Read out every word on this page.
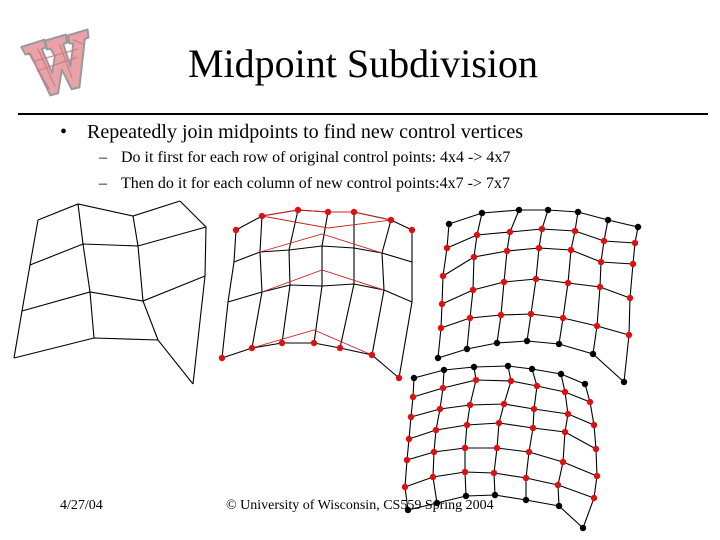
Midpoint Subdivision
• Repeatedly join midpoints to find new control vertices
– Do it first for each row of original control points: 4x4 -> 4x7
– Then do it for each column of new control points:4x7 -> 7x7
4/27/04	© University of Wisconsin, CS559 Spring 2004
